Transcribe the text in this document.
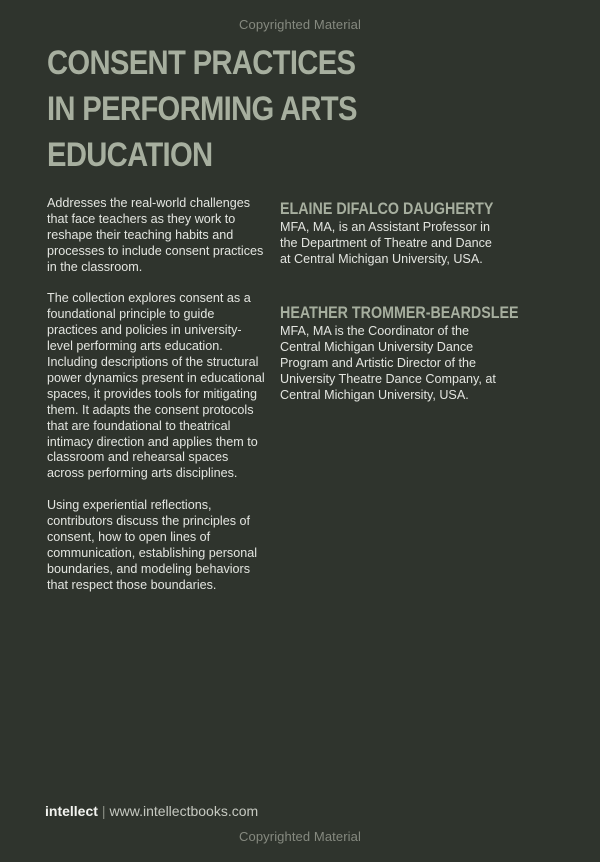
Copyrighted Material
CONSENT PRACTICES
IN PERFORMING ARTS
EDUCATION

Addresses the real-world challenges that face teachers as they work to reshape their teaching habits and processes to include consent practices in the classroom.

The collection explores consent as a foundational principle to guide practices and policies in university-level performing arts education. Including descriptions of the structural power dynamics present in educational spaces, it provides tools for mitigating them. It adapts the consent protocols that are foundational to theatrical intimacy direction and applies them to classroom and rehearsal spaces across performing arts disciplines.

Using experiential reflections, contributors discuss the principles of consent, how to open lines of communication, establishing personal boundaries, and modeling behaviors that respect those boundaries.

ELAINE DIFALCO DAUGHERTY
MFA, MA, is an Assistant Professor in the Department of Theatre and Dance at Central Michigan University, USA.
HEATHER TROMMER-BEARDSLEE
MFA, MA is the Coordinator of the Central Michigan University Dance Program and Artistic Director of the University Theatre Dance Company, at Central Michigan University, USA.
intellect | www.intellectbooks.com
Copyrighted Material
